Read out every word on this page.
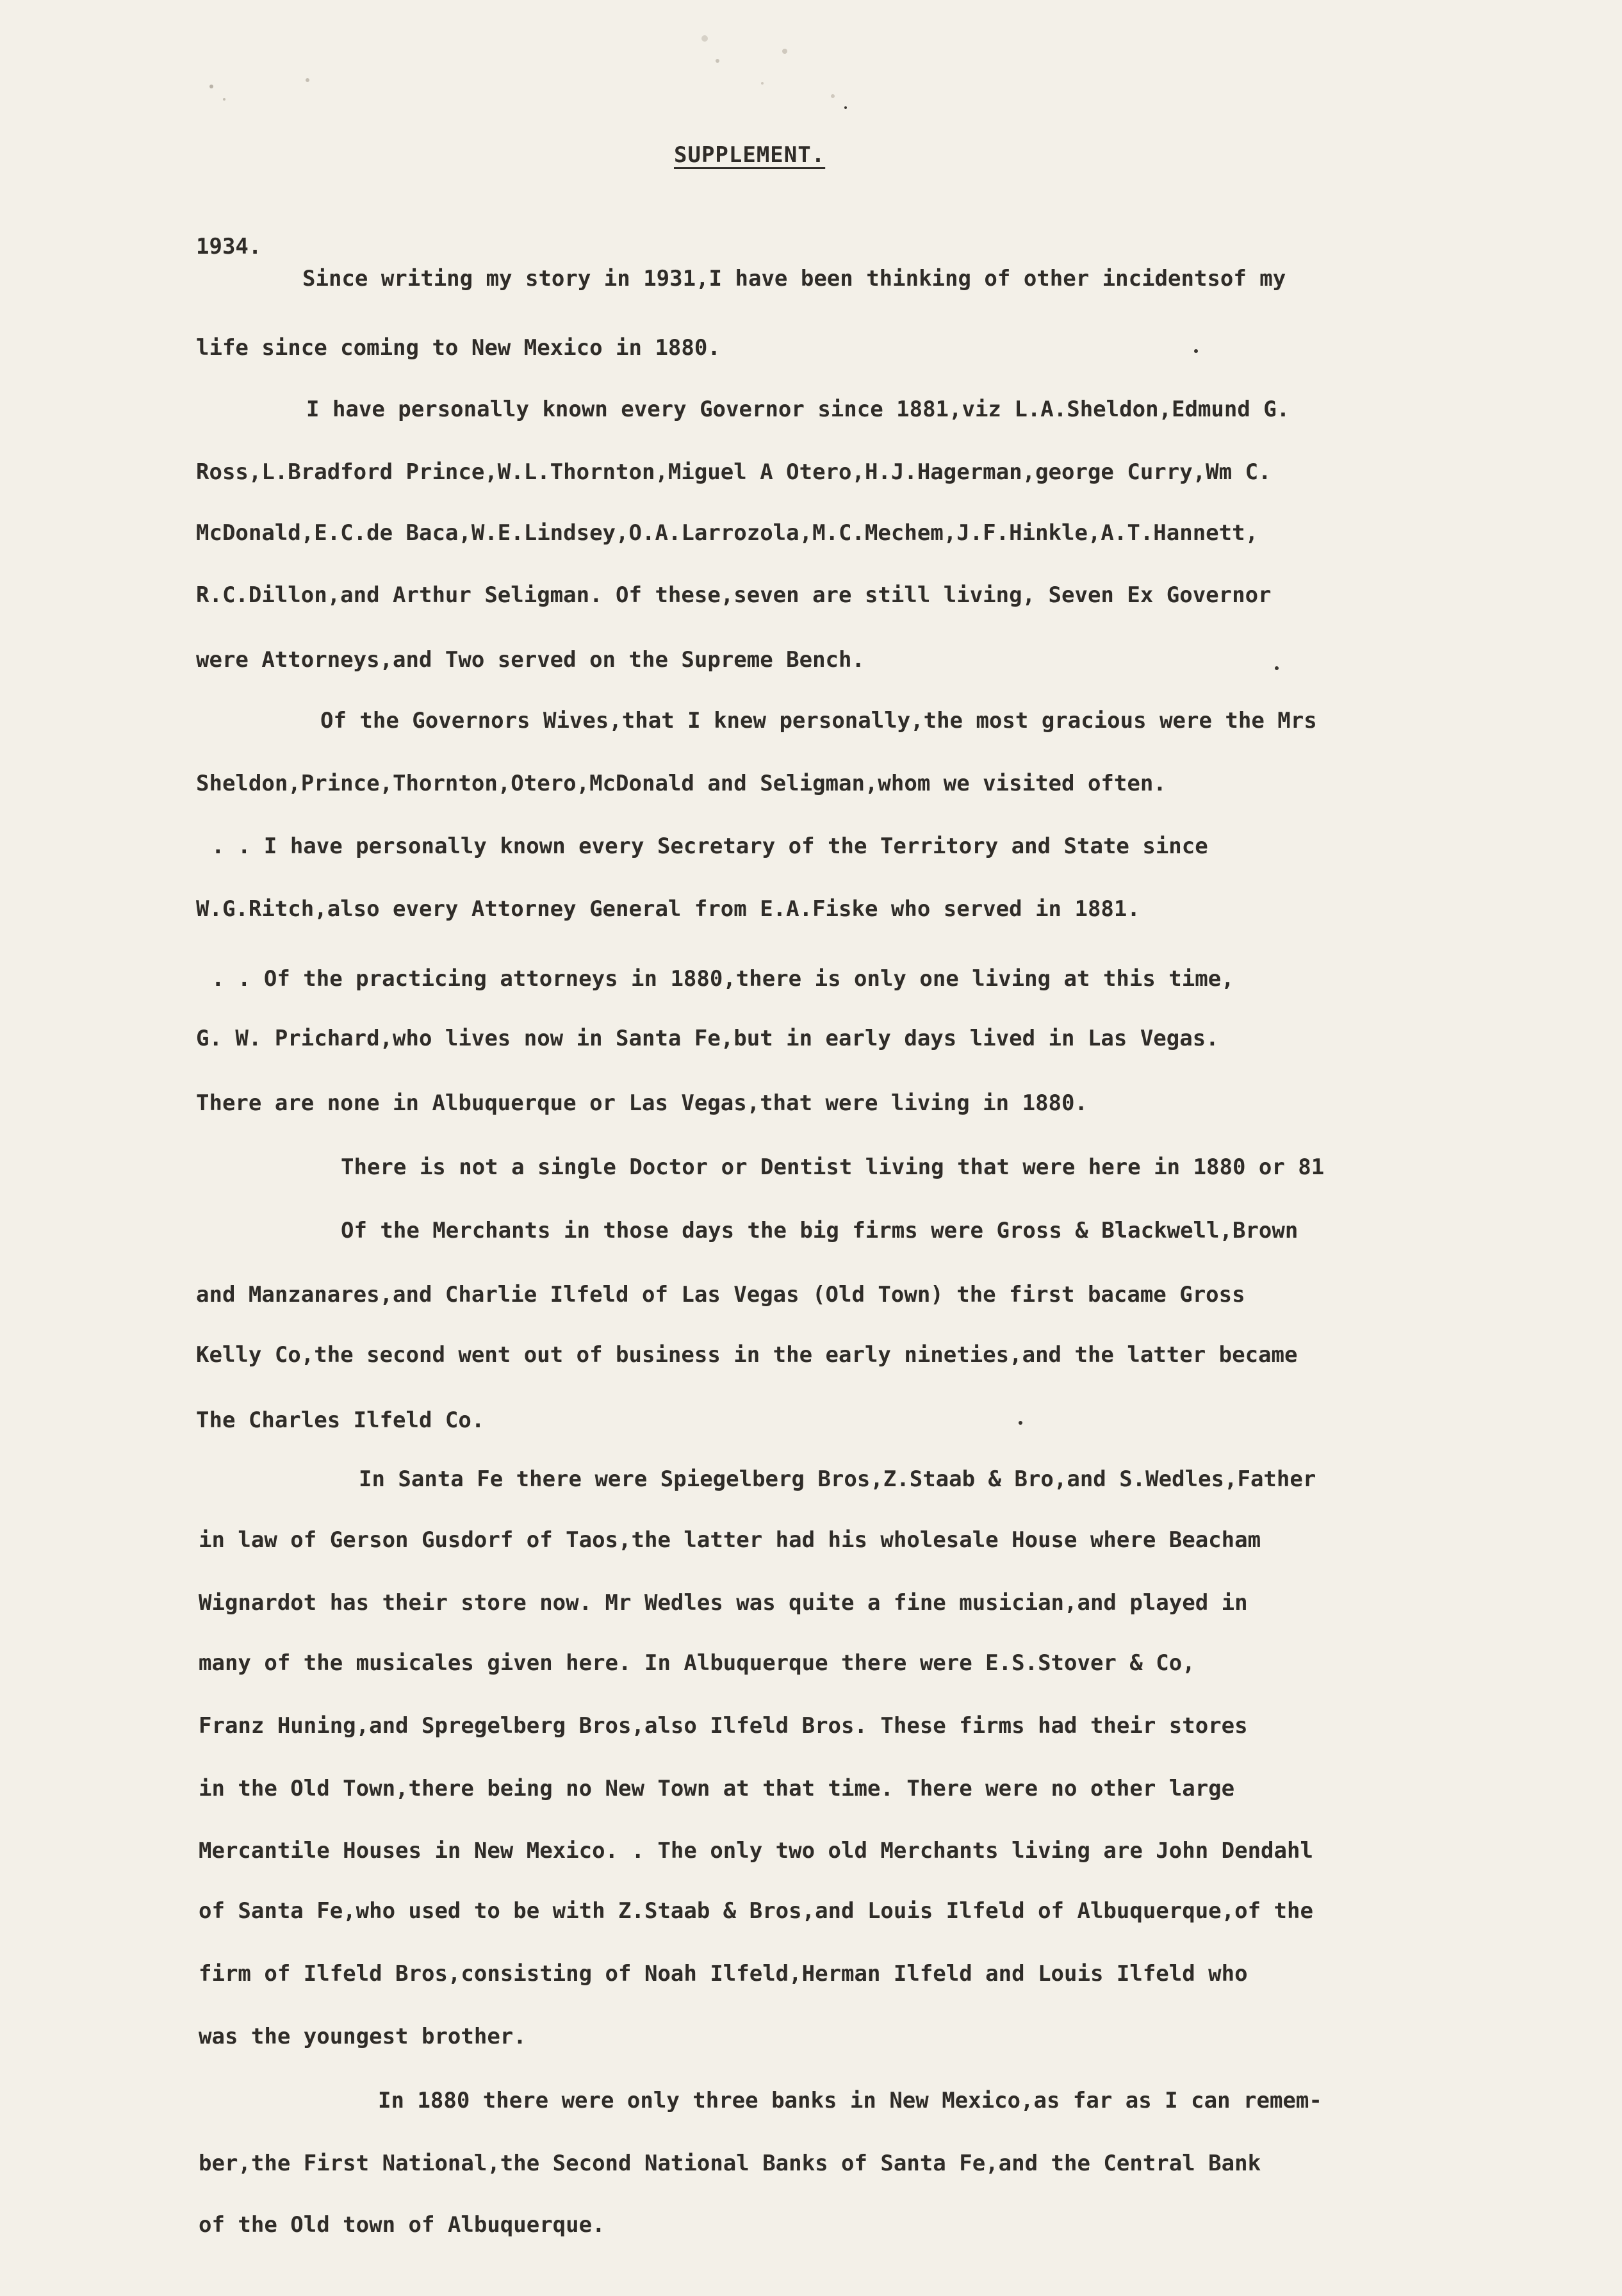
SUPPLEMENT.
1934.
Since writing my story in 1931,I have been thinking of other incidentsof my
life since coming to New Mexico in 1880.
I have personally known every Governor since 1881,viz L.A.Sheldon,Edmund G.
Ross,L.Bradford Prince,W.L.Thornton,Miguel A Otero,H.J.Hagerman,george Curry,Wm C.
McDonald,E.C.de Baca,W.E.Lindsey,O.A.Larrozola,M.C.Mechem,J.F.Hinkle,A.T.Hannett,
R.C.Dillon,and Arthur Seligman. Of these,seven are still living, Seven Ex Governor
were Attorneys,and Two served on the Supreme Bench.
Of the Governors Wives,that I knew personally,the most gracious were the Mrs
Sheldon,Prince,Thornton,Otero,McDonald and Seligman,whom we visited often.
. . I have personally known every Secretary of the Territory and State since
W.G.Ritch,also every Attorney General from E.A.Fiske who served in 1881.
. . Of the practicing attorneys in 1880,there is only one living at this time,
G. W. Prichard,who lives now in Santa Fe,but in early days lived in Las Vegas.
There are none in Albuquerque or Las Vegas,that were living in 1880.
There is not a single Doctor or Dentist living that were here in 1880 or 81
Of the Merchants in those days the big firms were Gross & Blackwell,Brown
and Manzanares,and Charlie Ilfeld of Las Vegas (Old Town) the first bacame Gross
Kelly Co,the second went out of business in the early nineties,and the latter became
The Charles Ilfeld Co.
In Santa Fe there were Spiegelberg Bros,Z.Staab & Bro,and S.Wedles,Father
in law of Gerson Gusdorf of Taos,the latter had his wholesale House where Beacham
Wignardot has their store now. Mr Wedles was quite a fine musician,and played in
many of the musicales given here. In Albuquerque there were E.S.Stover & Co,
Franz Huning,and Spregelberg Bros,also Ilfeld Bros. These firms had their stores
in the Old Town,there being no New Town at that time. There were no other large
Mercantile Houses in New Mexico. . The only two old Merchants living are John Dendahl
of Santa Fe,who used to be with Z.Staab & Bros,and Louis Ilfeld of Albuquerque,of the
firm of Ilfeld Bros,consisting of Noah Ilfeld,Herman Ilfeld and Louis Ilfeld who
was the youngest brother.
In 1880 there were only three banks in New Mexico,as far as I can remem-
ber,the First National,the Second National Banks of Santa Fe,and the Central Bank
of the Old town of Albuquerque.
